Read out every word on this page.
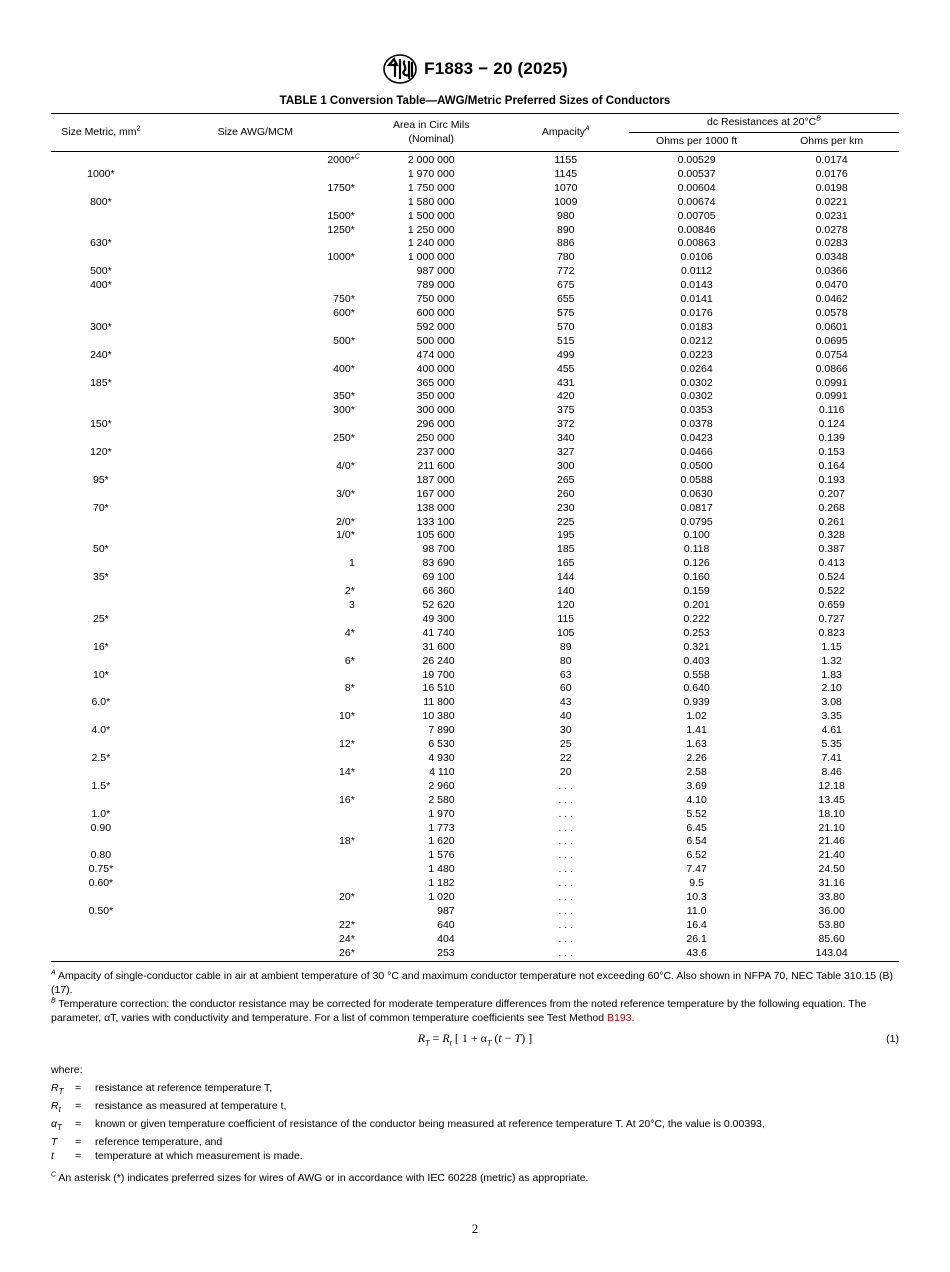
F1883 − 20 (2025)
TABLE 1 Conversion Table—AWG/Metric Preferred Sizes of Conductors
Size Metric, $mm^2$	Size AWG/MCM	Area in Circ Mils
(Nominal)	Ampacity$^A$	dc Resistances at $20^\circ C^B$
				Ohms per 1000 ft	Ohms per km
	2000*$^C$	2 000 000	1155	0.00529	0.0174
1000*		1 970 000	1145	0.00537	0.0176
	1750*	1 750 000	1070	0.00604	0.0198
800*		1 580 000	1009	0.00674	0.0221
	1500*	1 500 000	980	0.00705	0.0231
	1250*	1 250 000	890	0.00846	0.0278
630*		1 240 000	886	0.00863	0.0283
	1000*	1 000 000	780	0.0106	0.0348
500*		987 000	772	0.0112	0.0366
400*		789 000	675	0.0143	0.0470
	750*	750 000	655	0.0141	0.0462
	600*	600 000	575	0.0176	0.0578
300*		592 000	570	0.0183	0.0601
	500*	500 000	515	0.0212	0.0695
240*		474 000	499	0.0223	0.0754
	400*	400 000	455	0.0264	0.0866
185*		365 000	431	0.0302	0.0991
	350*	350 000	420	0.0302	0.0991
	300*	300 000	375	0.0353	0.116
150*		296 000	372	0.0378	0.124
	250*	250 000	340	0.0423	0.139
120*		237 000	327	0.0466	0.153
	4/0*	211 600	300	0.0500	0.164
95*		187 000	265	0.0588	0.193
	3/0*	167 000	260	0.0630	0.207
70*		138 000	230	0.0817	0.268
	2/0*	133 100	225	0.0795	0.261
	1/0*	105 600	195	0.100	0.328
50*		98 700	185	0.118	0.387
	1	83 690	165	0.126	0.413
35*		69 100	144	0.160	0.524
	2*	66 360	140	0.159	0.522
	3	52 620	120	0.201	0.659
25*		49 300	115	0.222	0.727
	4*	41 740	105	0.253	0.823
16*		31 600	89	0.321	1.15
	6*	26 240	80	0.403	1.32
10*		19 700	63	0.558	1.83
	8*	16 510	60	0.640	2.10
6.0*		11 800	43	0.939	3.08
	10*	10 380	40	1.02	3.35
4.0*		7 890	30	1.41	4.61
	12*	6 530	25	1.63	5.35
2.5*		4 930	22	2.26	7.41
	14*	4 110	20	2.58	8.46
1.5*		2 960	. . .	3.69	12.18
	16*	2 580	. . .	4.10	13.45
1.0*		1 970	. . .	5.52	18.10
0.90		1 773	. . .	6.45	21.10
	18*	1 620	. . .	6.54	21.46
0.80		1 576	. . .	6.52	21.40
0.75*		1 480	. . .	7.47	24.50
0.60*		1 182	. . .	9.5	31.16
	20*	1 020	. . .	10.3	33.80
0.50*		987	. . .	11.0	36.00
	22*	640	. . .	16.4	53.80
	24*	404	. . .	26.1	85.60
	26*	253	. . .	43.6	143.04

$^A$ Ampacity of single-conductor cable in air at ambient temperature of 30 °C and maximum conductor temperature not exceeding 60°C. Also shown in NFPA 70, NEC Table 310.15 (B) (17).

$^B$ Temperature correction: the conductor resistance may be corrected for moderate temperature differences from the noted reference temperature by the following equation. The parameter, αT, varies with conductivity and temperature. For a list of common temperature coefficients see Test Method B193.

$R_T = R_t$ [ $1 + \alpha_T$ (t − T) ]	(1)

where:

$R_T$	=	resistance at reference temperature T,
$R_t$	=	resistance as measured at temperature t,
$\alpha_T$	=	known or given temperature coefficient of resistance of the conductor being measured at reference temperature T. At 20°C, the value is 0.00393,
T	=	reference temperature, and
t	=	temperature at which measurement is made.

$^C$ An asterisk (*) indicates preferred sizes for wires of AWG or in accordance with IEC 60228 (metric) as appropriate.

2
